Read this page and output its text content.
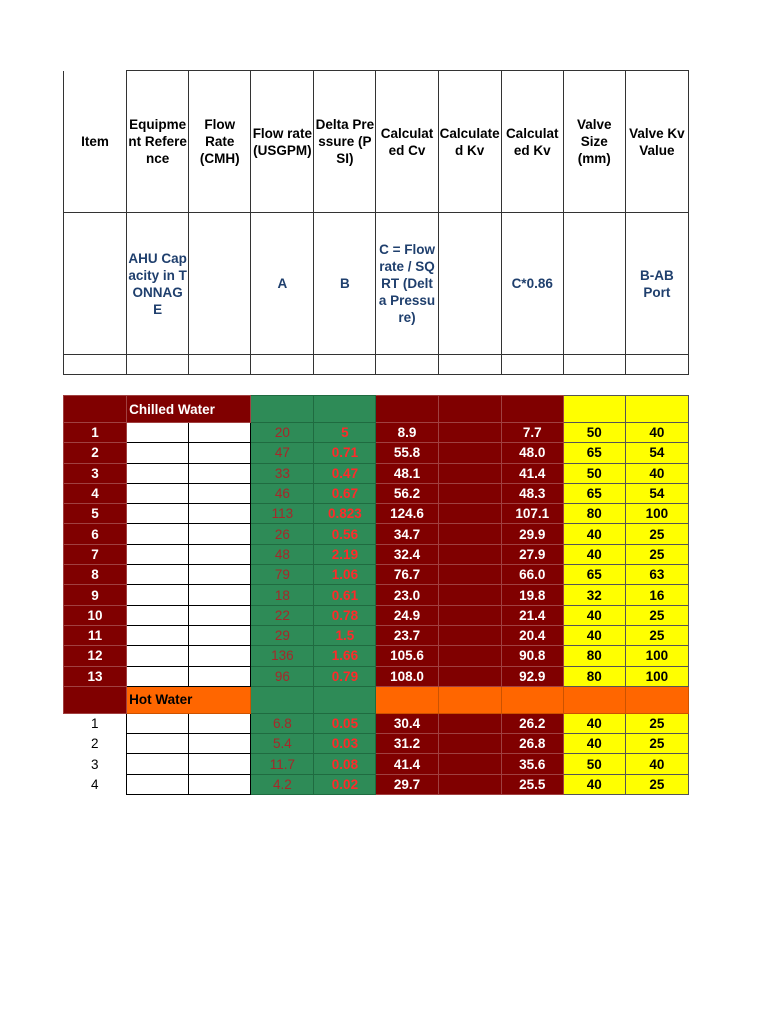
Item	Equipment Reference	Flow Rate (CMH)	Flow rate (USGPM)	Delta Pressure (PSI)	Calculated Cv	Calculated Kv	Calculated Kv	Valve Size (mm)	Valve Kv Value
	AHU Capacity in TONNAGE		A	B	C = Flow rate / SQRT (Delta Pressure)		C*0.86		B-AB Port

	Chilled Water								
1			20	5	8.9		7.7	50	40
2			47	0.71	55.8		48.0	65	54
3			33	0.47	48.1		41.4	50	40
4			46	0.67	56.2		48.3	65	54
5			113	0.823	124.6		107.1	80	100
6			26	0.56	34.7		29.9	40	25
7			48	2.19	32.4		27.9	40	25
8			79	1.06	76.7		66.0	65	63
9			18	0.61	23.0		19.8	32	16
10			22	0.78	24.9		21.4	40	25
11			29	1.5	23.7		20.4	40	25
12			136	1.66	105.6		90.8	80	100
13			96	0.79	108.0		92.9	80	100
	Hot Water								
1			6.8	0.05	30.4		26.2	40	25
2			5.4	0.03	31.2		26.8	40	25
3			11.7	0.08	41.4		35.6	50	40
4			4.2	0.02	29.7		25.5	40	25
